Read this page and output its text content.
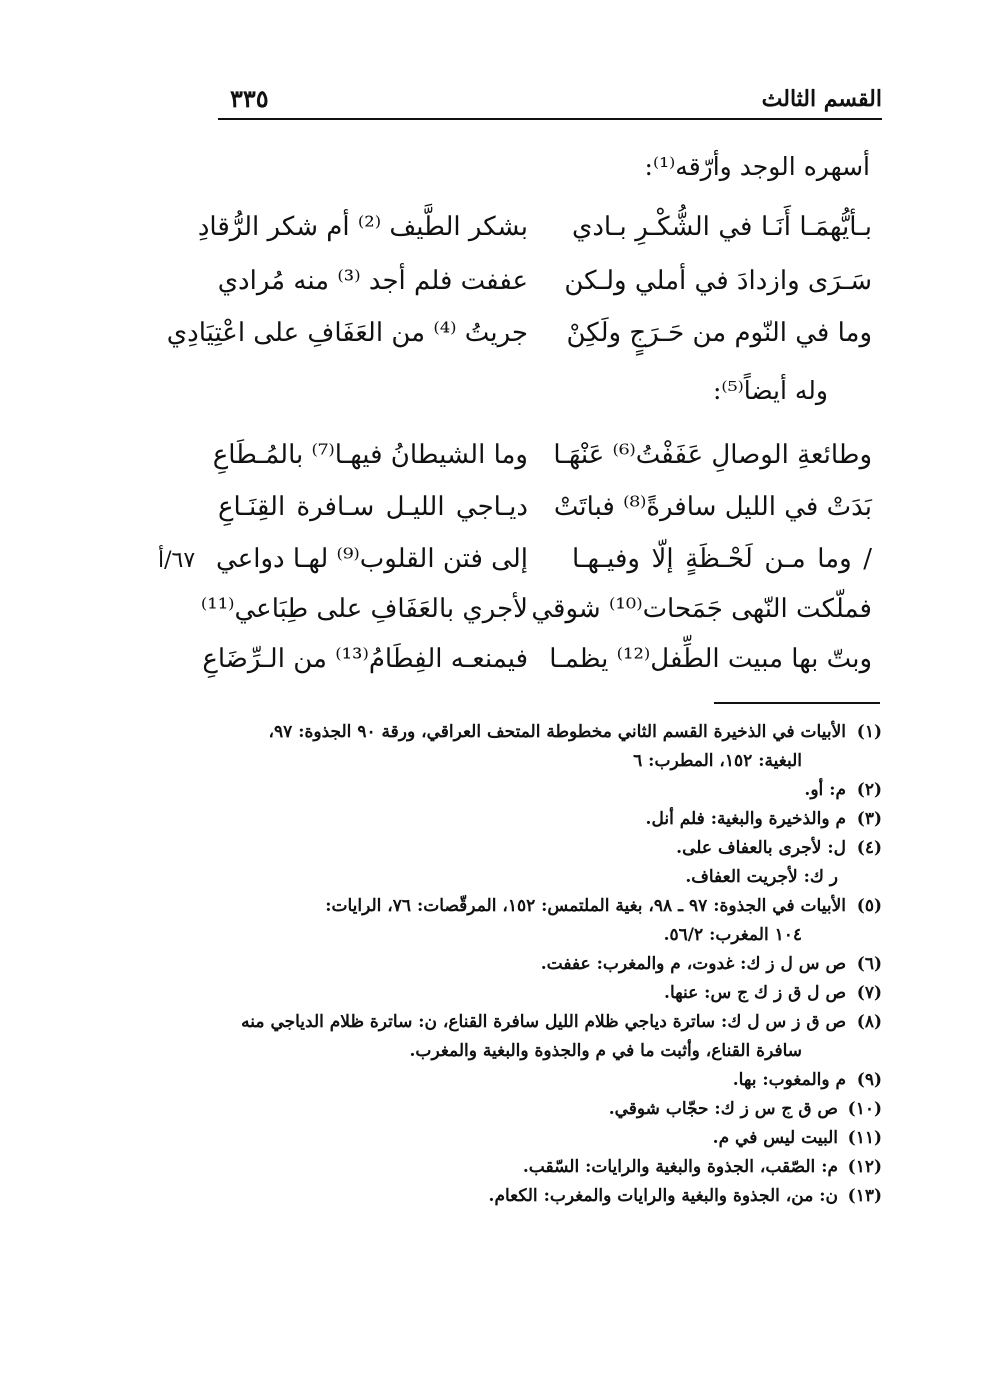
القسم الثالث
٣٣٥
أسهره الوجد وأرّقه⁽¹⁾:
بـأيُّهمَـا أَنَـا في الشُّكْـرِ بـادي
بشكر الطَّيف ⁽²⁾ أم شكر الرُّقادِ
سَـرَى وازدادَ في أملي ولـكن
عففت فلم أجد ⁽³⁾ منه مُرادي
وما في النّوم من حَـرَجٍ ولَكِنْ
جريتُ ⁽⁴⁾ من العَفَافِ على اعْتِيَادِي
وله أيضاً⁽⁵⁾:
وطائعةِ الوصالِ عَفَفْتُ⁽⁶⁾ عَنْهَـا
وما الشيطانُ فيهـا⁽⁷⁾ بالمُـطَاعِ
بَدَتْ في الليل سافرةً⁽⁸⁾ فباتَتْ
ديـاجي الليـل سـافرة القِنَـاعِ
/ وما مـن لَحْـظَةٍ إلّا وفيـهـا
إلى فتن القلوب⁽⁹⁾ لهـا دواعي
فملّكت النّهى جَمَحات⁽¹⁰⁾ شوقي
لأجري بالعَفَافِ على طِبَاعي⁽¹¹⁾
وبتّ بها مبيت الطِّفل⁽¹²⁾ يظمـا
فيمنعـه الفِطَامُ⁽¹³⁾ من الـرِّضَاعِ
٦٧/أ
(١)
الأبيات في الذخيرة القسم الثاني مخطوطة المتحف العراقي، ورقة ٩٠ الجذوة: ٩٧،
البغية: ١٥٢، المطرب: ٦
(٢)
م: أو.
(٣)
م والذخيرة والبغية: فلم أنل.
(٤)
ل: لأجرى بالعفاف على.
ر ك: لأجريت العفاف.
(٥)
الأبيات في الجذوة: ٩٧ ـ ٩٨، بغية الملتمس: ١٥٢، المرقّصات: ٧٦، الرايات:
١٠٤ المغرب: ٥٦/٢.
(٦)
ص س ل ز ك: غدوت، م والمغرب: عففت.
(٧)
ص ل ق ز ك ج س: عنها.
(٨)
ص ق ز س ل ك: ساترة دياجي ظلام الليل سافرة القناع، ن: ساترة ظلام الدياجي منه
سافرة القناع، وأثبت ما في م والجذوة والبغية والمغرب.
(٩)
م والمغوب: بها.
(١٠)
ص ق ج س ز ك: حجّاب شوقي.
(١١)
البيت ليس في م.
(١٢)
م: الصّقب، الجذوة والبغية والرايات: السّقب.
(١٣)
ن: من، الجذوة والبغية والرايات والمغرب: الكعام.
